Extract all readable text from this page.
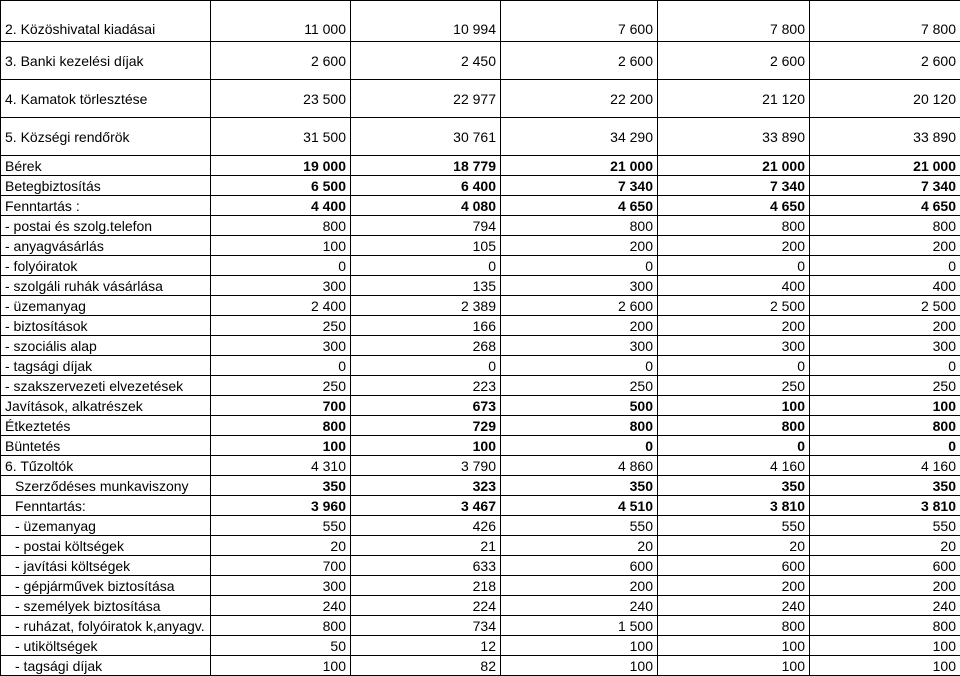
2. Közöshivatal kiadásai	11 000	10 994	7 600	7 800	7 800
3. Banki kezelési díjak	2 600	2 450	2 600	2 600	2 600
4. Kamatok törlesztése	23 500	22 977	22 200	21 120	20 120
5. Községi rendőrök	31 500	30 761	34 290	33 890	33 890
Bérek	19 000	18 779	21 000	21 000	21 000
Betegbiztosítás	6 500	6 400	7 340	7 340	7 340
Fenntartás :	4 400	4 080	4 650	4 650	4 650
- postai és szolg.telefon	800	794	800	800	800
- anyagvásárlás	100	105	200	200	200
- folyóiratok	0	0	0	0	0
- szolgáli ruhák vásárlása	300	135	300	400	400
- üzemanyag	2 400	2 389	2 600	2 500	2 500
- biztosítások	250	166	200	200	200
- szociális alap	300	268	300	300	300
- tagsági díjak	0	0	0	0	0
- szakszervezeti elvezetések	250	223	250	250	250
Javítások, alkatrészek	700	673	500	100	100
Étkeztetés	800	729	800	800	800
Büntetés	100	100	0	0	0
6. Tűzoltók	4 310	3 790	4 860	4 160	4 160
Szerződéses munkaviszony	350	323	350	350	350
Fenntartás:	3 960	3 467	4 510	3 810	3 810
- üzemanyag	550	426	550	550	550
- postai költségek	20	21	20	20	20
- javítási költségek	700	633	600	600	600
- gépjárművek biztosítása	300	218	200	200	200
- személyek biztosítása	240	224	240	240	240
- ruházat, folyóiratok k,anyagv.	800	734	1 500	800	800
- utiköltségek	50	12	100	100	100
- tagsági díjak	100	82	100	100	100
